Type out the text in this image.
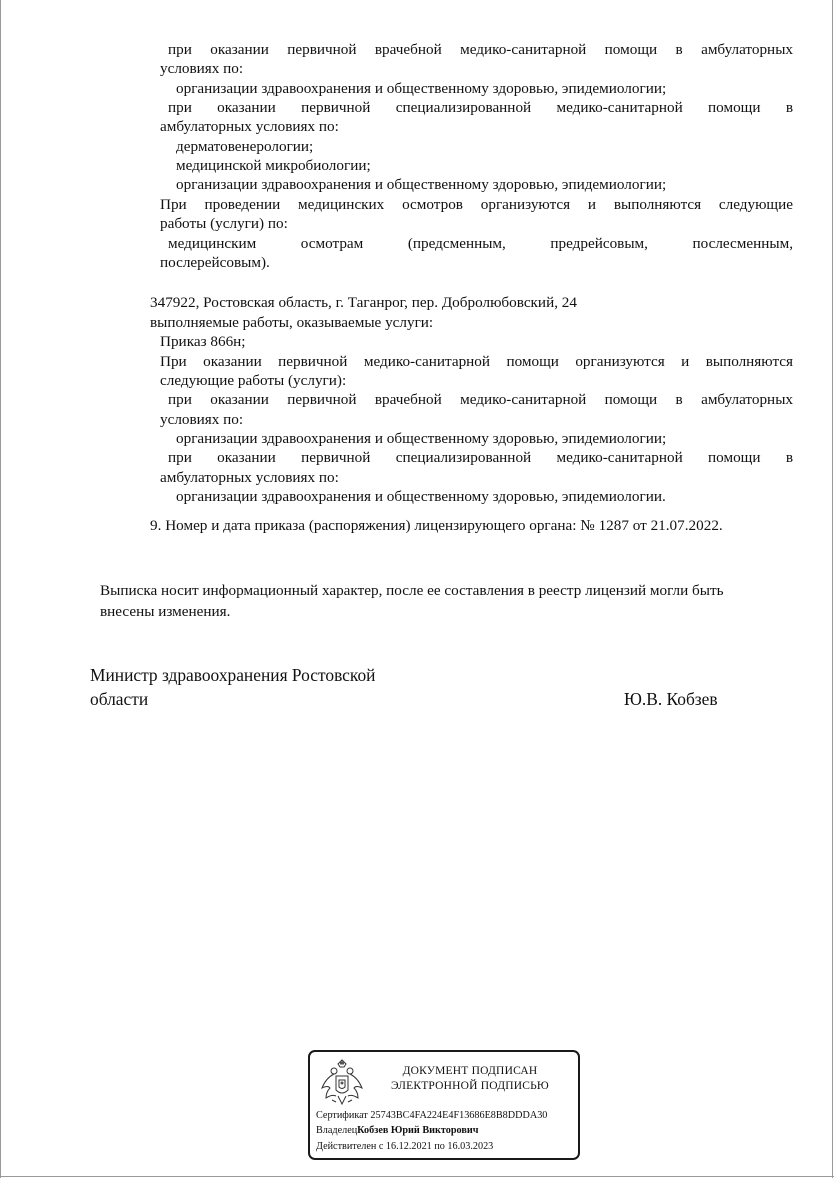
при оказании первичной врачебной медико-санитарной помощи в амбулаторных
условиях по:
организации здравоохранения и общественному здоровью, эпидемиологии;
при оказании первичной специализированной медико-санитарной помощи в
амбулаторных условиях по:
дерматовенерологии;
медицинской микробиологии;
организации здравоохранения и общественному здоровью, эпидемиологии;
При проведении медицинских осмотров организуются и выполняются следующие
работы (услуги) по:
медицинским осмотрам (предсменным, предрейсовым, послесменным,
послерейсовым).
347922, Ростовская область, г. Таганрог, пер. Добролюбовский, 24
выполняемые работы, оказываемые услуги:
Приказ 866н;
При оказании первичной медико-санитарной помощи организуются и выполняются
следующие работы (услуги):
при оказании первичной врачебной медико-санитарной помощи в амбулаторных
условиях по:
организации здравоохранения и общественному здоровью, эпидемиологии;
при оказании первичной специализированной медико-санитарной помощи в
амбулаторных условиях по:
организации здравоохранения и общественному здоровью, эпидемиологии.
9. Номер и дата приказа (распоряжения) лицензирующего органа: № 1287 от 21.07.2022.
Выписка носит информационный характер, после ее составления в реестр лицензий могли быть
внесены изменения.
Министр здравоохранения Ростовской
области	Ю.В. Кобзев
ДОКУМЕНТ ПОДПИСАН
ЭЛЕКТРОННОЙ ПОДПИСЬЮ
Сертификат 25743BC4FA224E4F13686E8B8DDDA30
ВладелецКобзев Юрий Викторович
Действителен с 16.12.2021 по 16.03.2023
